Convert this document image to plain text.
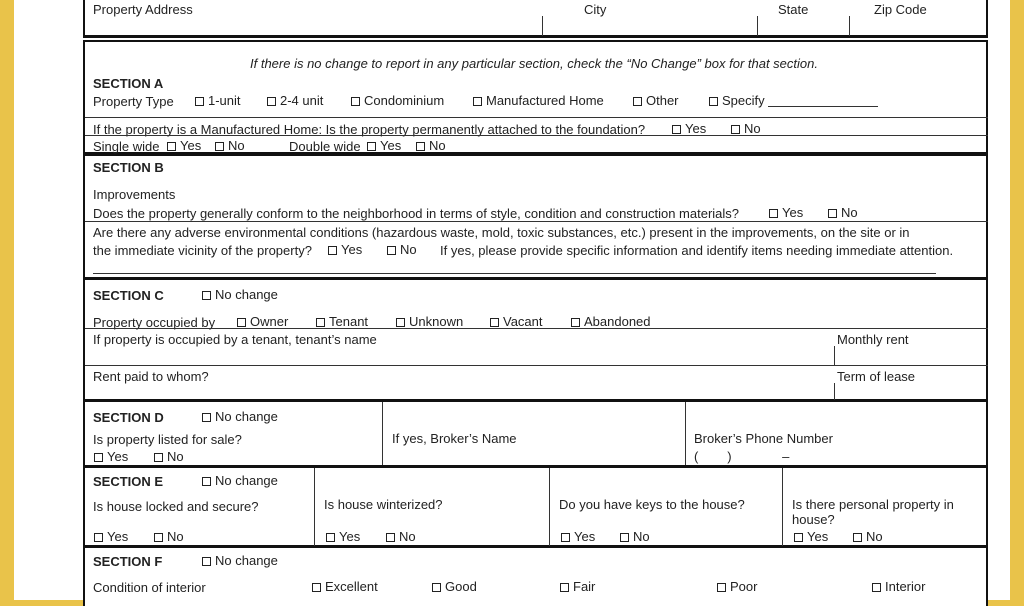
Property Address	City	State	Zip Code
If there is no change to report in any particular section, check the “No Change” box for that section.
SECTION A
Property Type	1-unit	2-4 unit	Condominium	Manufactured Home	Other	Specify
If the property is a Manufactured Home: Is the property permanently attached to the foundation?	Yes	No
Single wide	Yes	No	Double wide	Yes	No
SECTION B
Improvements
Does the property generally conform to the neighborhood in terms of style, condition and construction materials?	Yes	No
Are there any adverse environmental conditions (hazardous waste, mold, toxic substances, etc.) present in the improvements, on the site or in
the immediate vicinity of the property?	Yes	No If yes, please provide specific information and identify items needing immediate attention.
SECTION C	No change
Property occupied by	Owner	Tenant	Unknown	Vacant	Abandoned
If property is occupied by a tenant, tenant’s name	Monthly rent
Rent paid to whom?	Term of lease
SECTION D	No change
Is property listed for sale?
Yes	No
If yes, Broker’s Name	Broker’s Phone Number
(        )              –
SECTION E	No change
Is house locked and secure?
Yes	No
Is house winterized?
Yes	No
Do you have keys to the house?
Yes	No
Is there personal property in
house?
Yes	No
SECTION F	No change
Condition of interior	Excellent	Good	Fair	Poor	Interior
